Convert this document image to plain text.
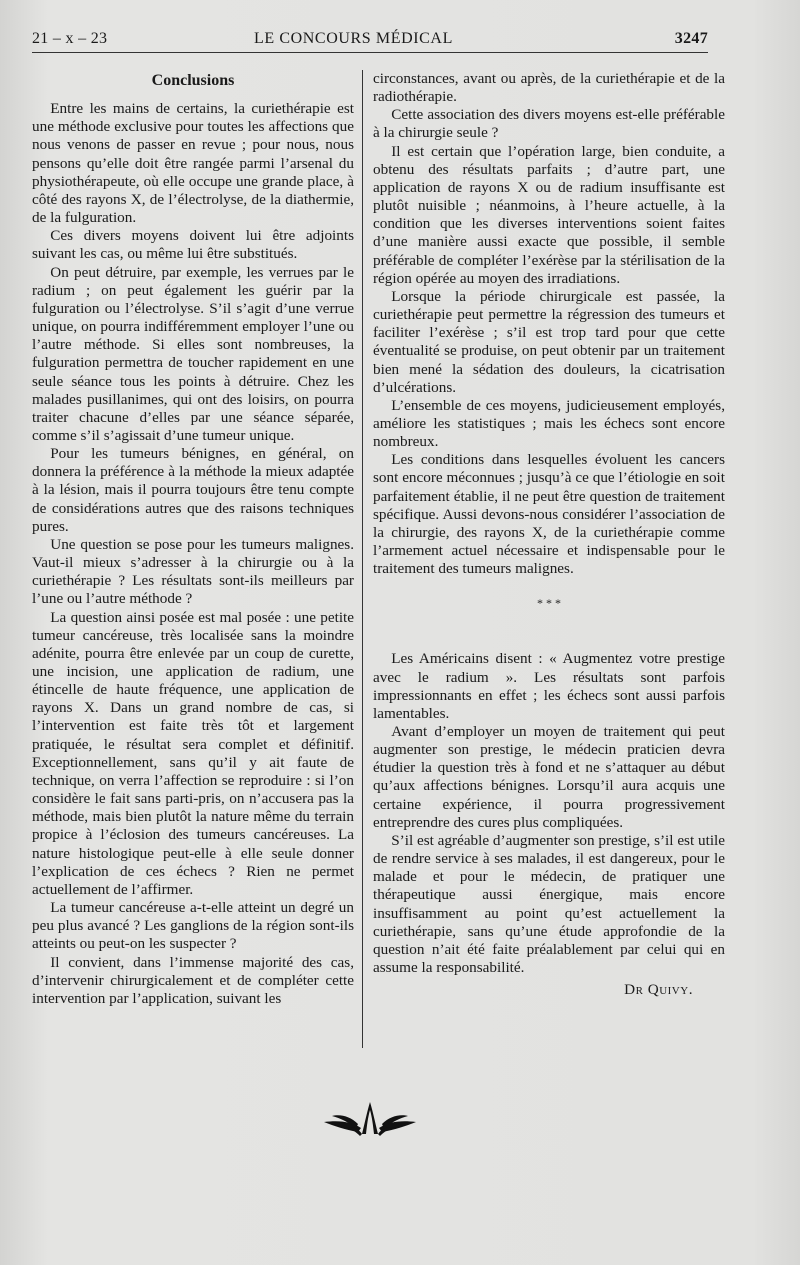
21 – x – 23	LE CONCOURS MÉDICAL	3247
Conclusions

Entre les mains de certains, la curiethérapie est une méthode exclusive pour toutes les affections que nous venons de passer en revue ; pour nous, nous pensons qu’elle doit être rangée parmi l’arsenal du physiothérapeute, où elle occupe une grande place, à côté des rayons X, de l’électrolyse, de la diathermie, de la fulguration.

Ces divers moyens doivent lui être adjoints suivant les cas, ou même lui être substitués.

On peut détruire, par exemple, les verrues par le radium ; on peut également les guérir par la fulguration ou l’électrolyse. S’il s’agit d’une verrue unique, on pourra indifféremment employer l’une ou l’autre méthode. Si elles sont nombreuses, la fulguration permettra de toucher rapidement en une seule séance tous les points à détruire. Chez les malades pusillanimes, qui ont des loisirs, on pourra traiter chacune d’elles par une séance séparée, comme s’il s’agissait d’une tumeur unique.

Pour les tumeurs bénignes, en général, on donnera la préférence à la méthode la mieux adaptée à la lésion, mais il pourra toujours être tenu compte de considérations autres que des raisons techniques pures.

Une question se pose pour les tumeurs malignes. Vaut-il mieux s’adresser à la chirurgie ou à la curiethérapie ? Les résultats sont-ils meilleurs par l’une ou l’autre méthode ?

La question ainsi posée est mal posée : une petite tumeur cancéreuse, très localisée sans la moindre adénite, pourra être enlevée par un coup de curette, une incision, une application de radium, une étincelle de haute fréquence, une application de rayons X. Dans un grand nombre de cas, si l’intervention est faite très tôt et largement pratiquée, le résultat sera complet et définitif. Exceptionnellement, sans qu’il y ait faute de technique, on verra l’affection se reproduire : si l’on considère le fait sans parti-pris, on n’accusera pas la méthode, mais bien plutôt la nature même du terrain propice à l’éclosion des tumeurs cancéreuses. La nature histologique peut-elle à elle seule donner l’explication de ces échecs ? Rien ne permet actuellement de l’affirmer.

La tumeur cancéreuse a-t-elle atteint un degré un peu plus avancé ? Les ganglions de la région sont-ils atteints ou peut-on les suspecter ?

Il convient, dans l’immense majorité des cas, d’intervenir chirurgicalement et de compléter cette intervention par l’application, suivant les

circonstances, avant ou après, de la curiethérapie et de la radiothérapie.

Cette association des divers moyens est-elle préférable à la chirurgie seule ?

Il est certain que l’opération large, bien conduite, a obtenu des résultats parfaits ; d’autre part, une application de rayons X ou de radium insuffisante est plutôt nuisible ; néanmoins, à l’heure actuelle, à la condition que les diverses interventions soient faites d’une manière aussi exacte que possible, il semble préférable de compléter l’exérèse par la stérilisation de la région opérée au moyen des irradiations.

Lorsque la période chirurgicale est passée, la curiethérapie peut permettre la régression des tumeurs et faciliter l’exérèse ; s’il est trop tard pour que cette éventualité se produise, on peut obtenir par un traitement bien mené la sédation des douleurs, la cicatrisation d’ulcérations.

L’ensemble de ces moyens, judicieusement employés, améliore les statistiques ; mais les échecs sont encore nombreux.

Les conditions dans lesquelles évoluent les cancers sont encore méconnues ; jusqu’à ce que l’étiologie en soit parfaitement établie, il ne peut être question de traitement spécifique. Aussi devons-nous considérer l’association de la chirurgie, des rayons X, de la curiethérapie comme l’armement actuel nécessaire et indispensable pour le traitement des tumeurs malignes.

* * *

Les Américains disent : « Augmentez votre prestige avec le radium ». Les résultats sont parfois impressionnants en effet ; les échecs sont aussi parfois lamentables.

Avant d’employer un moyen de traitement qui peut augmenter son prestige, le médecin praticien devra étudier la question très à fond et ne s’attaquer au début qu’aux affections bénignes. Lorsqu’il aura acquis une certaine expérience, il pourra progressivement entreprendre des cures plus compliquées.

S’il est agréable d’augmenter son prestige, s’il est utile de rendre service à ses malades, il est dangereux, pour le malade et pour le médecin, de pratiquer une thérapeutique aussi énergique, mais encore insuffisamment au point qu’est actuellement la curiethérapie, sans qu’une étude approfondie de la question n’ait été faite préalablement par celui qui en assume la responsabilité.

Dr Quivy.
